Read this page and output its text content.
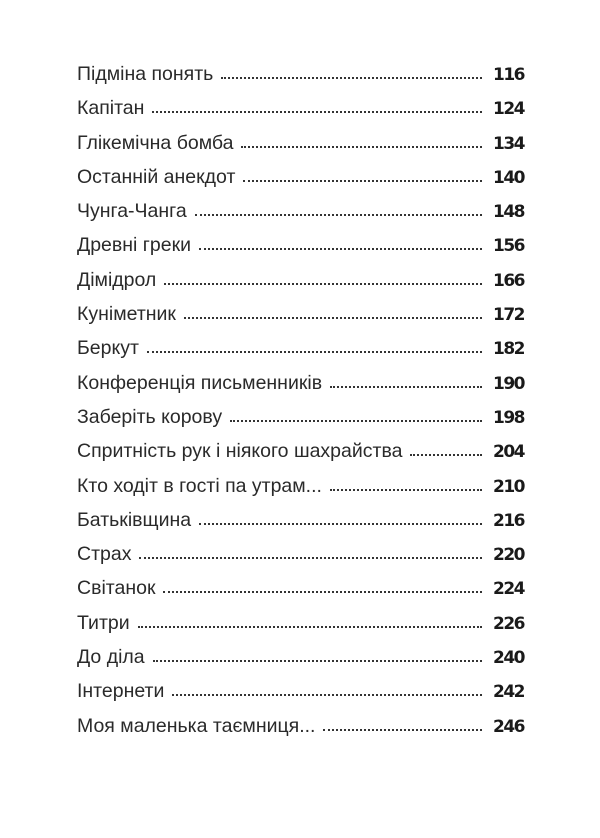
Підміна понять	116
Капітан	124
Глікемічна бомба	134
Останній анекдот	140
Чунга-Чанга	148
Древні греки	156
Дімідрол	166
Куніметник	172
Беркут	182
Конференція письменників	190
Заберіть корову	198
Спритність рук і ніякого шахрайства	204
Кто ходіт в гості па утрам...	210
Батьківщина	216
Страх	220
Світанок	224
Титри	226
До діла	240
Інтернети	242
Моя маленька таємниця...	246
